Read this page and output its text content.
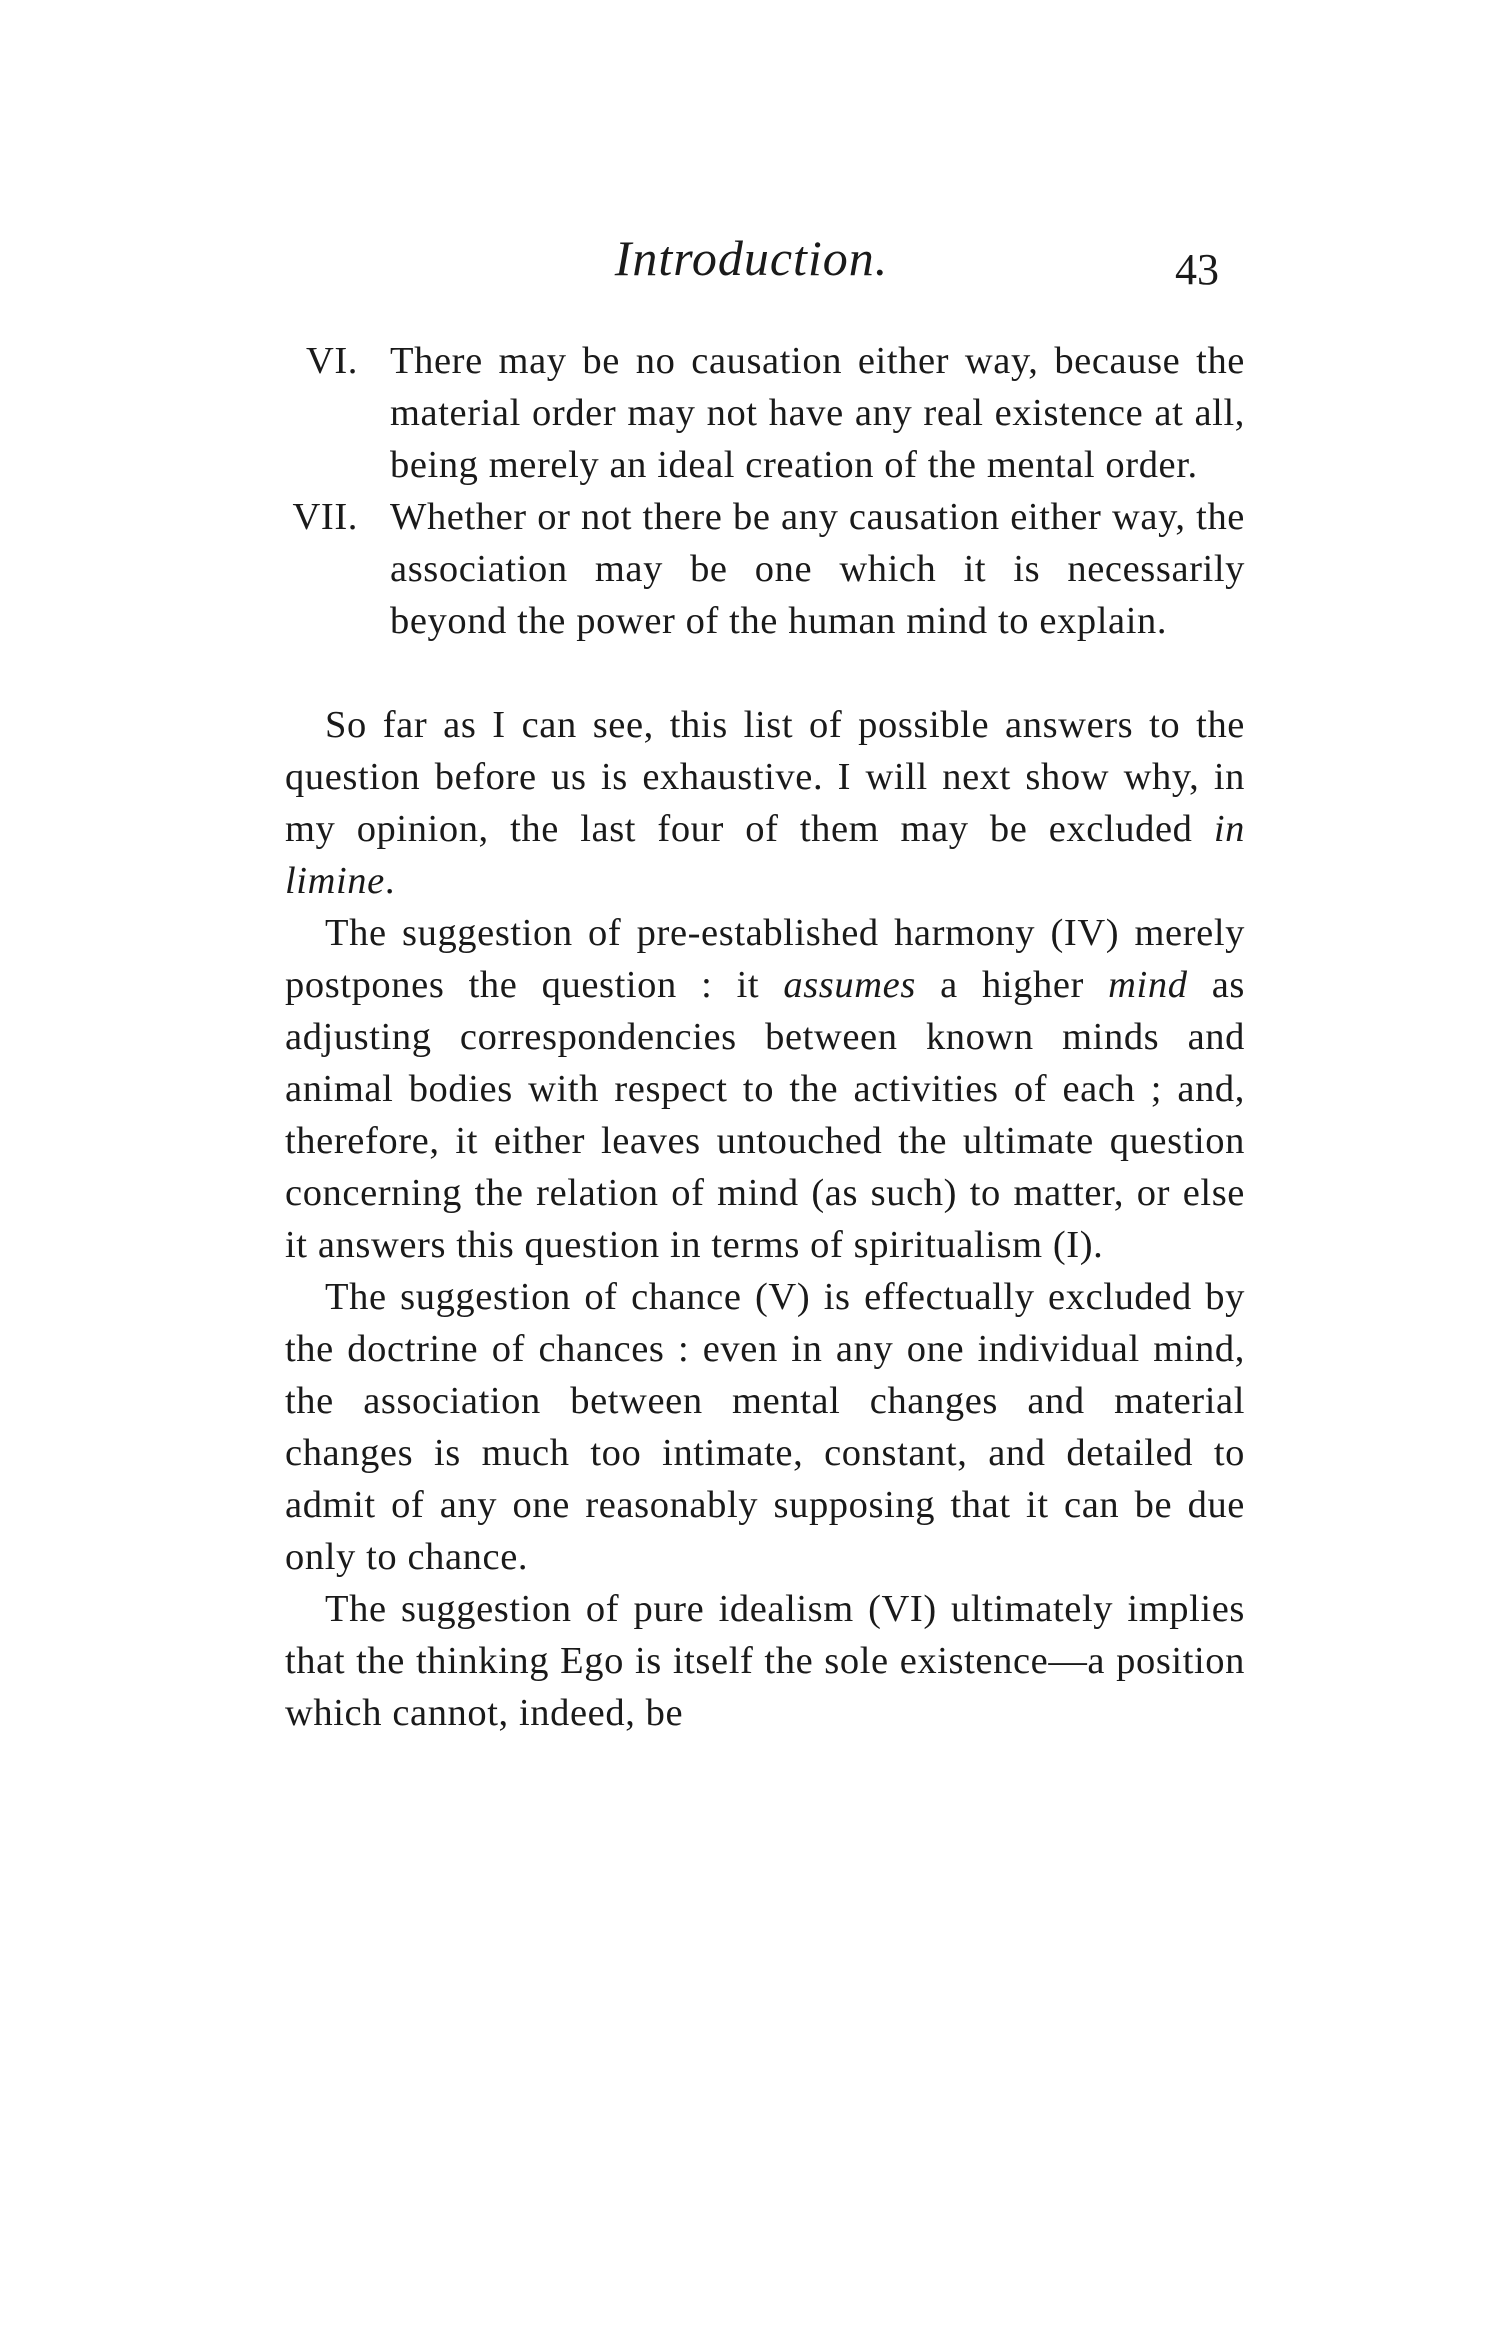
Introduction.	43
VI. There may be no causation either way, because the material order may not have any real existence at all, being merely an ideal creation of the mental order.
VII. Whether or not there be any causation either way, the association may be one which it is necessarily beyond the power of the human mind to explain.

So far as I can see, this list of possible answers to the question before us is exhaustive. I will next show why, in my opinion, the last four of them may be excluded in limine.

The suggestion of pre-established harmony (IV) merely postpones the question : it assumes a higher mind as adjusting correspondencies between known minds and animal bodies with respect to the activities of each ; and, therefore, it either leaves untouched the ultimate question concerning the relation of mind (as such) to matter, or else it answers this question in terms of spiritualism (I).

The suggestion of chance (V) is effectually excluded by the doctrine of chances : even in any one individual mind, the association between mental changes and material changes is much too intimate, constant, and detailed to admit of any one reasonably supposing that it can be due only to chance.

The suggestion of pure idealism (VI) ultimately implies that the thinking Ego is itself the sole existence—a position which cannot, indeed, be
